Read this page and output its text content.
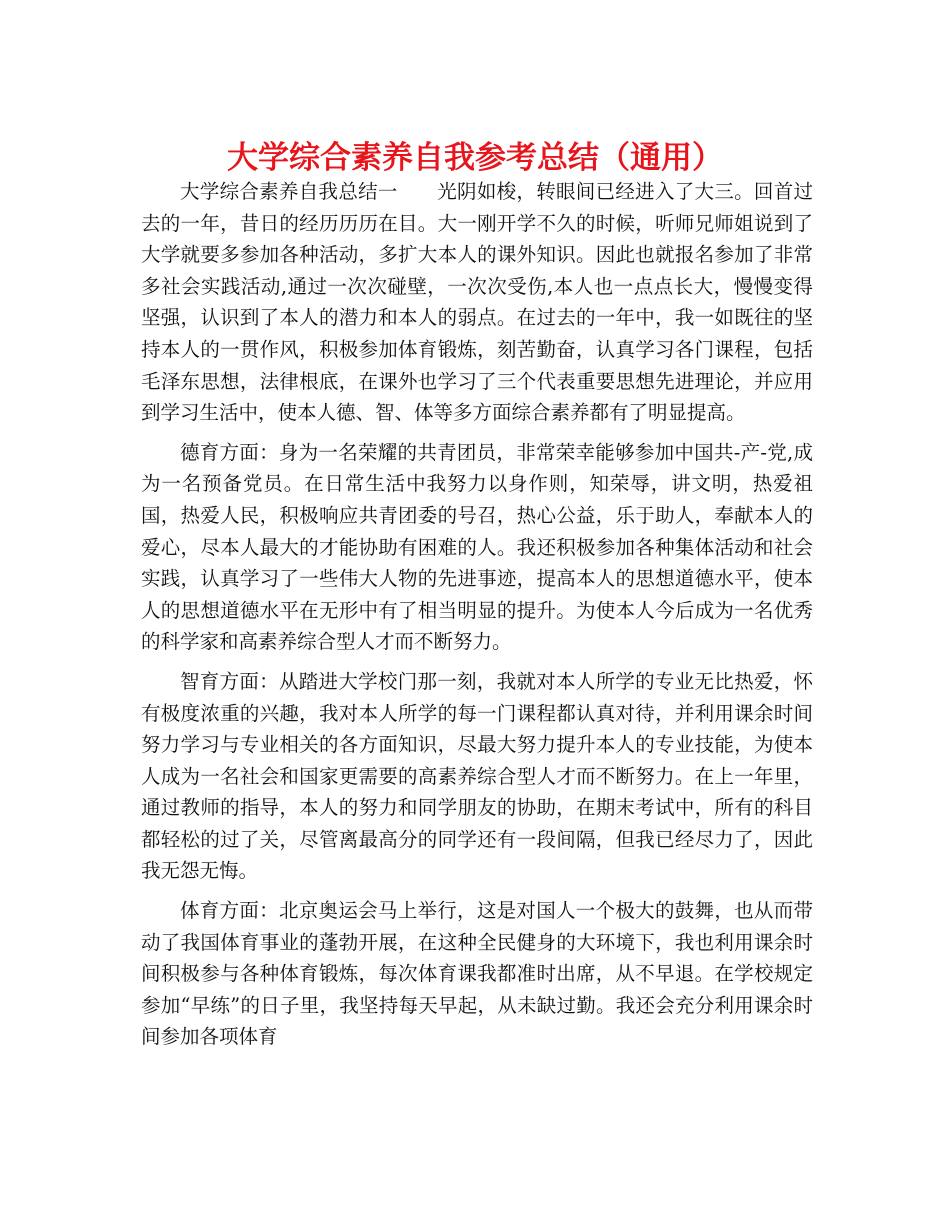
大学综合素养自我参考总结（通用）

大学综合素养自我总结一　　光阴如梭，转眼间已经进入了大三。回首过去的一年，昔日的经历历历在目。大一刚开学不久的时候，听师兄师姐说到了大学就要多参加各种活动，多扩大本人的课外知识。因此也就报名参加了非常多社会实践活动,通过一次次碰壁，一次次受伤,本人也一点点长大，慢慢变得坚强，认识到了本人的潜力和本人的弱点。在过去的一年中，我一如既往的坚持本人的一贯作风，积极参加体育锻炼，刻苦勤奋，认真学习各门课程，包括毛泽东思想，法律根底，在课外也学习了三个代表重要思想先进理论，并应用到学习生活中，使本人德、智、体等多方面综合素养都有了明显提高。

德育方面：身为一名荣耀的共青团员，非常荣幸能够参加中国共-产-党,成为一名预备党员。在日常生活中我努力以身作则，知荣辱，讲文明，热爱祖国，热爱人民，积极响应共青团委的号召，热心公益，乐于助人，奉献本人的爱心，尽本人最大的才能协助有困难的人。我还积极参加各种集体活动和社会实践，认真学习了一些伟大人物的先进事迹，提高本人的思想道德水平，使本人的思想道德水平在无形中有了相当明显的提升。为使本人今后成为一名优秀的科学家和高素养综合型人才而不断努力。

智育方面：从踏进大学校门那一刻，我就对本人所学的专业无比热爱，怀有极度浓重的兴趣，我对本人所学的每一门课程都认真对待，并利用课余时间努力学习与专业相关的各方面知识，尽最大努力提升本人的专业技能，为使本人成为一名社会和国家更需要的高素养综合型人才而不断努力。在上一年里，通过教师的指导，本人的努力和同学朋友的协助，在期末考试中，所有的科目都轻松的过了关，尽管离最高分的同学还有一段间隔，但我已经尽力了，因此我无怨无悔。

体育方面：北京奥运会马上举行，这是对国人一个极大的鼓舞，也从而带动了我国体育事业的蓬勃开展，在这种全民健身的大环境下，我也利用课余时间积极参与各种体育锻炼，每次体育课我都准时出席，从不早退。在学校规定参加“早练”的日子里，我坚持每天早起，从未缺过勤。我还会充分利用课余时间参加各项体育
